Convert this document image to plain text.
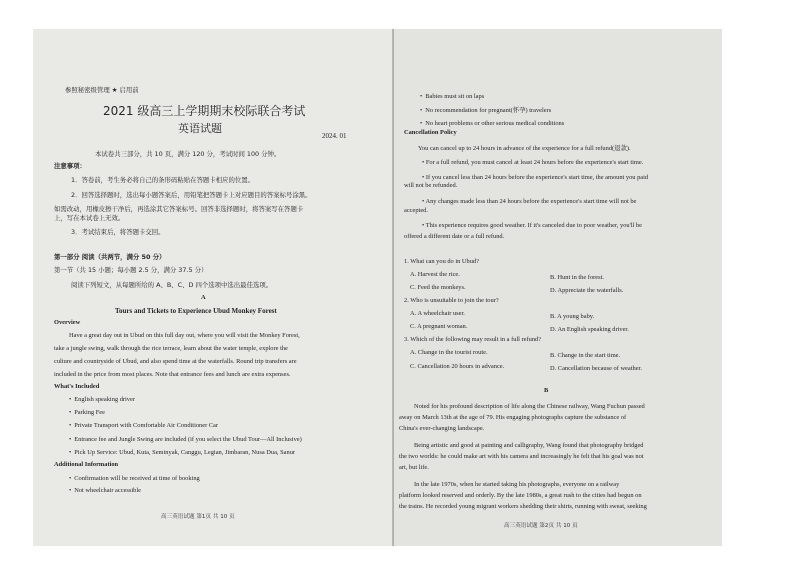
参照秘密级管理 ★ 启用前
2021 级高三上学期期末校际联合考试
英语试题
2024. 01
本试卷共三部分，共 10 页，满分 120 分，考试时间 100 分钟。
注意事项：
1．答卷前，考生务必将自己的条形码粘贴在答题卡相应的位置。
2．回答选择题时，选出每小题答案后，用铅笔把答题卡上对应题目的答案标号涂黑。
如需改动，用橡皮擦干净后，再选涂其它答案标号。回答非选择题时，将答案写在答题卡
上，写在本试卷上无效。
3．考试结束后，将答题卡交回。
第一部分 阅读（共两节，满分 50 分）
第一节（共 15 小题；每小题 2.5 分，满分 37.5 分）
阅读下列短文，从每题所给的 A、B、C、D 四个选项中选出最佳选项。
A
Tours and Tickets to Experience Ubud Monkey Forest
Overview
Have a great day out in Ubud on this full day out, where you will visit the Monkey Forest,
take a jungle swing, walk through the rice terrace, learn about the water temple, explore the
culture and countryside of Ubud, and also spend time at the waterfalls. Round trip transfers are
included in the price from most places. Note that entrance fees and lunch are extra expenses.
What's Included
• English speaking driver
• Parking Fee
• Private Transport with Comfortable Air Conditioner Car
• Entrance fee and Jungle Swing are included (if you select the Ubud Tour—All Inclusive)
• Pick Up Service: Ubud, Kuta, Seminyak, Canggu, Legian, Jimbaran, Nusa Dua, Sanur
Additional Information
• Confirmation will be received at time of booking
• Not wheelchair accessible
高三英语试题 第1页 共 10 页
• Babies must sit on laps
• No recommendation for pregnant(怀孕) travelers
• No heart problems or other serious medical conditions
Cancellation Policy
You can cancel up to 24 hours in advance of the experience for a full refund(退款).
• For a full refund, you must cancel at least 24 hours before the experience's start time.
• If you cancel less than 24 hours before the experience's start time, the amount you paid
will not be refunded.
• Any changes made less than 24 hours before the experience's start time will not be
accepted.
• This experience requires good weather. If it's canceled due to poor weather, you'll be
offered a different date or a full refund.
1. What can you do in Ubud?
A. Harvest the rice.	B. Hunt in the forest.
C. Feed the monkeys.	D. Appreciate the waterfalls.
2. Who is unsuitable to join the tour?
A. A wheelchair user.	B. A young baby.
C. A pregnant woman.	D. An English speaking driver.
3. Which of the following may result in a full refund?
A. Change in the tourist route.	B. Change in the start time.
C. Cancellation 20 hours in advance.	D. Cancellation because of weather.
B
Noted for his profound description of life along the Chinese railway, Wang Fuchun passed
away on March 13th at the age of 79. His engaging photographs capture the substance of
China's ever-changing landscape.
Being artistic and good at painting and calligraphy, Wang found that photography bridged
the two worlds: he could make art with his camera and increasingly he felt that his goal was not
art, but life.
In the late 1970s, when he started taking his photographs, everyone on a railway
platform looked reserved and orderly. By the late 1980s, a great rush to the cities had begun on
the trains. He recorded young migrant workers shedding their shirts, running with sweat, seeking
高三英语试题 第2页 共 10 页
